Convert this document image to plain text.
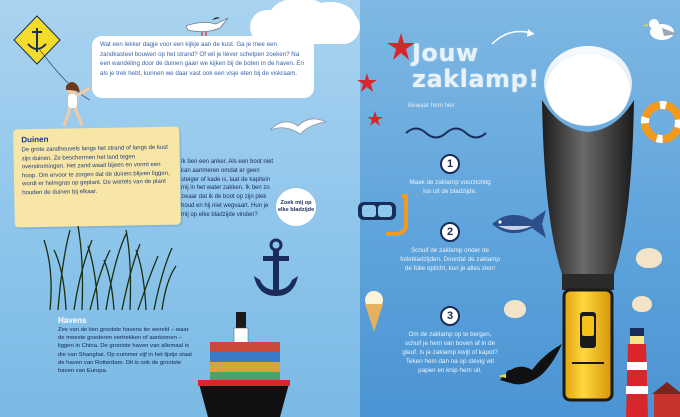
Wat een lekker dagje voor een kijkje aan de kust. Ga je mee een zandkasteel bouwen op het strand? Of wil je liever schelpen zoeken? Na een wandeling door de duinen gaan we kijken bij de boten in de haven. En als je trek hebt, kunnen we daar vast ook een visje eten bij de viskraam.
Duinen

De grote zandheuvels langs het strand of langs de kust zijn duinen. Ze beschermen het land tegen overstromingen. Het zand waait bijeen en vormt een hoop. Om ervoor te zorgen dat de duinen blijven liggen, wordt er helmgras op geplant. De wortels van de plant houden de duinen bij elkaar.

Ik ben een anker. Als een boot niet kan aanmeren omdat er geen steiger of kade is, laat de kapitein mij in het water zakken. Ik ben zo zwaar dat ik de boot op zijn plek houd en hij niet wegvaart. Hun je mij op elke bladzijde vinden?
Zoek mij op elke bladzijde
Havens

Zes van de tien grootste havens ter wereld – waar de meeste goederen vertrekken of aankomen – liggen in China. De grootste haven van allemaal is die van Shanghai. Op nummer vijf in het lijstje staat de haven van Rotterdam. Dit is ook de grootste haven van Europa.

Jouw
zaklamp!
Bewaar hem hier
1
Maak de zaklamp voorzichtig los uit de bladzijde.
2
Schuif de zaklamp onder de foliebladzijden. Doordat de zaklamp de folie oplicht, kun je alles zien!
3
Om de zaklamp op te bergen, schuif je hem van boven af in de gleuf. Is je zaklamp kwijt of kapot? Teken hem dan na op stevig wit papier en knip hem uit.
